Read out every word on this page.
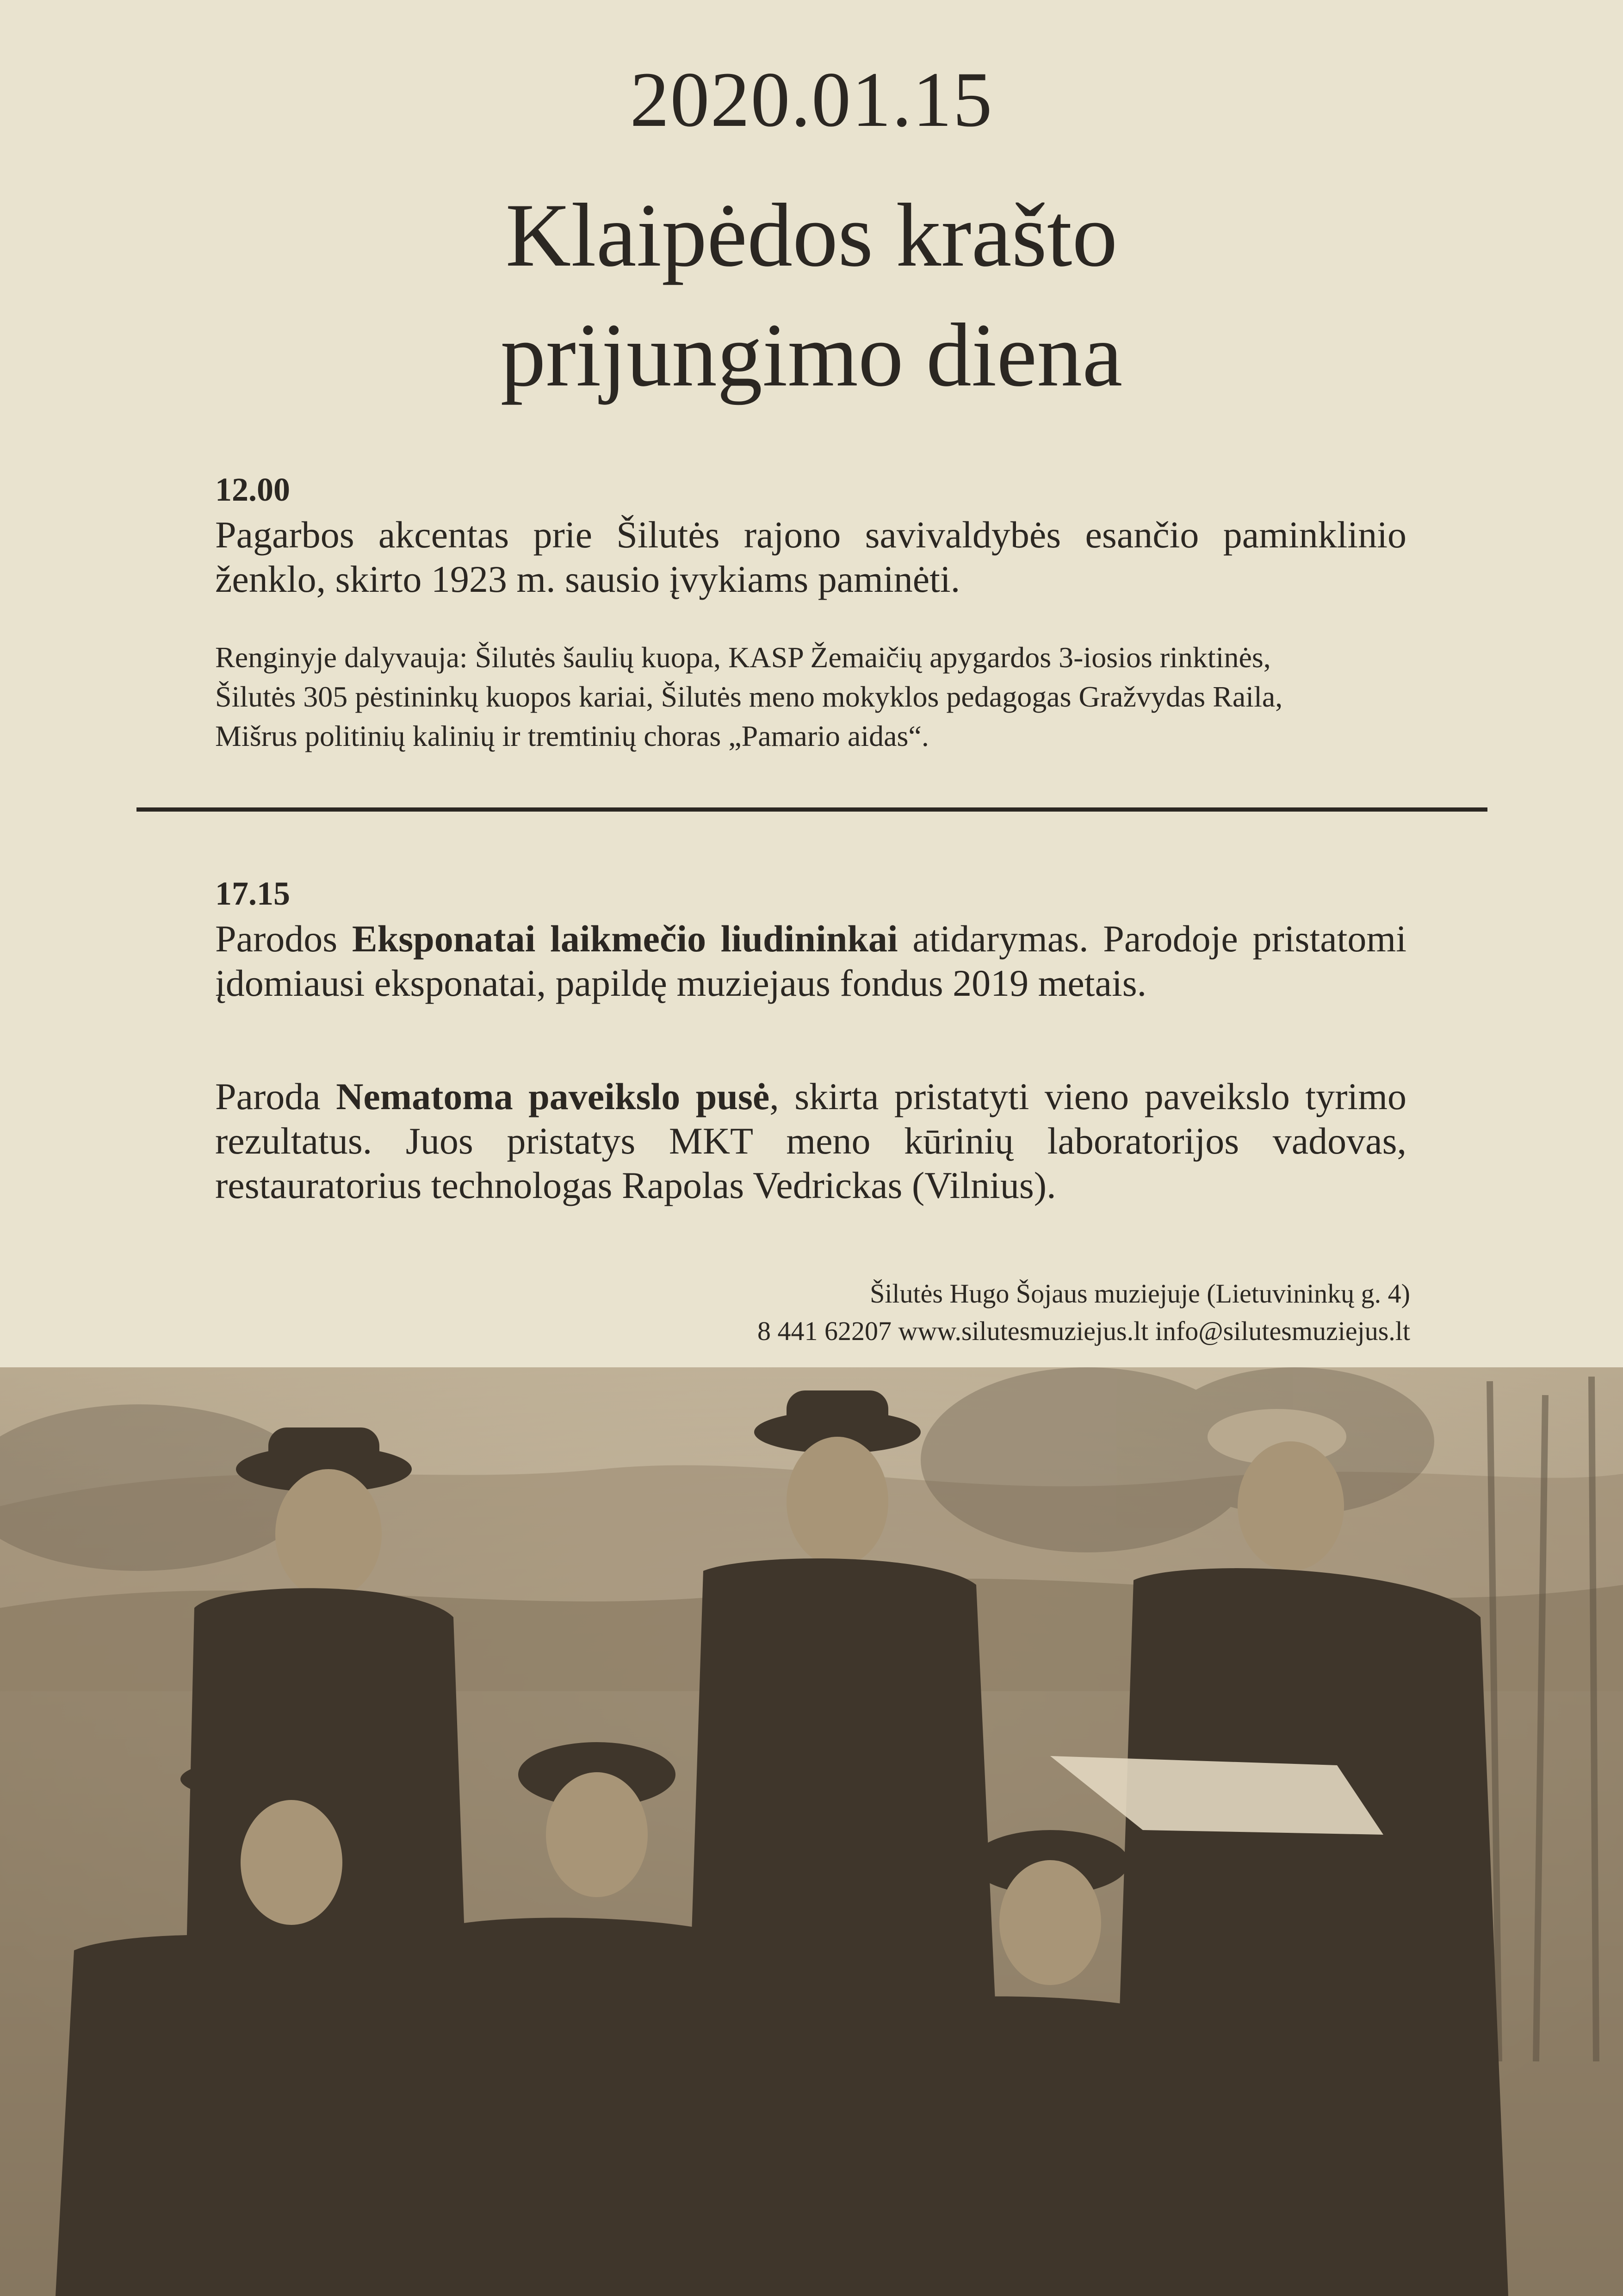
2020.01.15
Klaipėdos krašto
prijungimo diena
12.00

Pagarbos akcentas prie Šilutės rajono savivaldybės esančio paminklinio ženklo, skirto 1923 m. sausio įvykiams paminėti.

Renginyje dalyvauja: Šilutės šaulių kuopa, KASP Žemaičių apygardos 3-iosios rinktinės,

Šilutės 305 pėstininkų kuopos kariai, Šilutės meno mokyklos pedagogas Gražvydas Raila,

Mišrus politinių kalinių ir tremtinių choras „Pamario aidas“.

17.15

Parodos Eksponatai laikmečio liudininkai atidarymas. Parodoje pristatomi įdomiausi eksponatai, papildę muziejaus fondus 2019 metais.

Paroda Nematoma paveikslo pusė, skirta pristatyti vieno paveikslo tyrimo rezultatus. Juos pristatys MKT meno kūrinių laboratorijos vadovas, restauratorius technologas Rapolas Vedrickas (Vilnius).

Šilutės Hugo Šojaus muziejuje (Lietuvininkų g. 4)
8 441 62207 www.silutesmuziejus.lt info@silutesmuziejus.lt
